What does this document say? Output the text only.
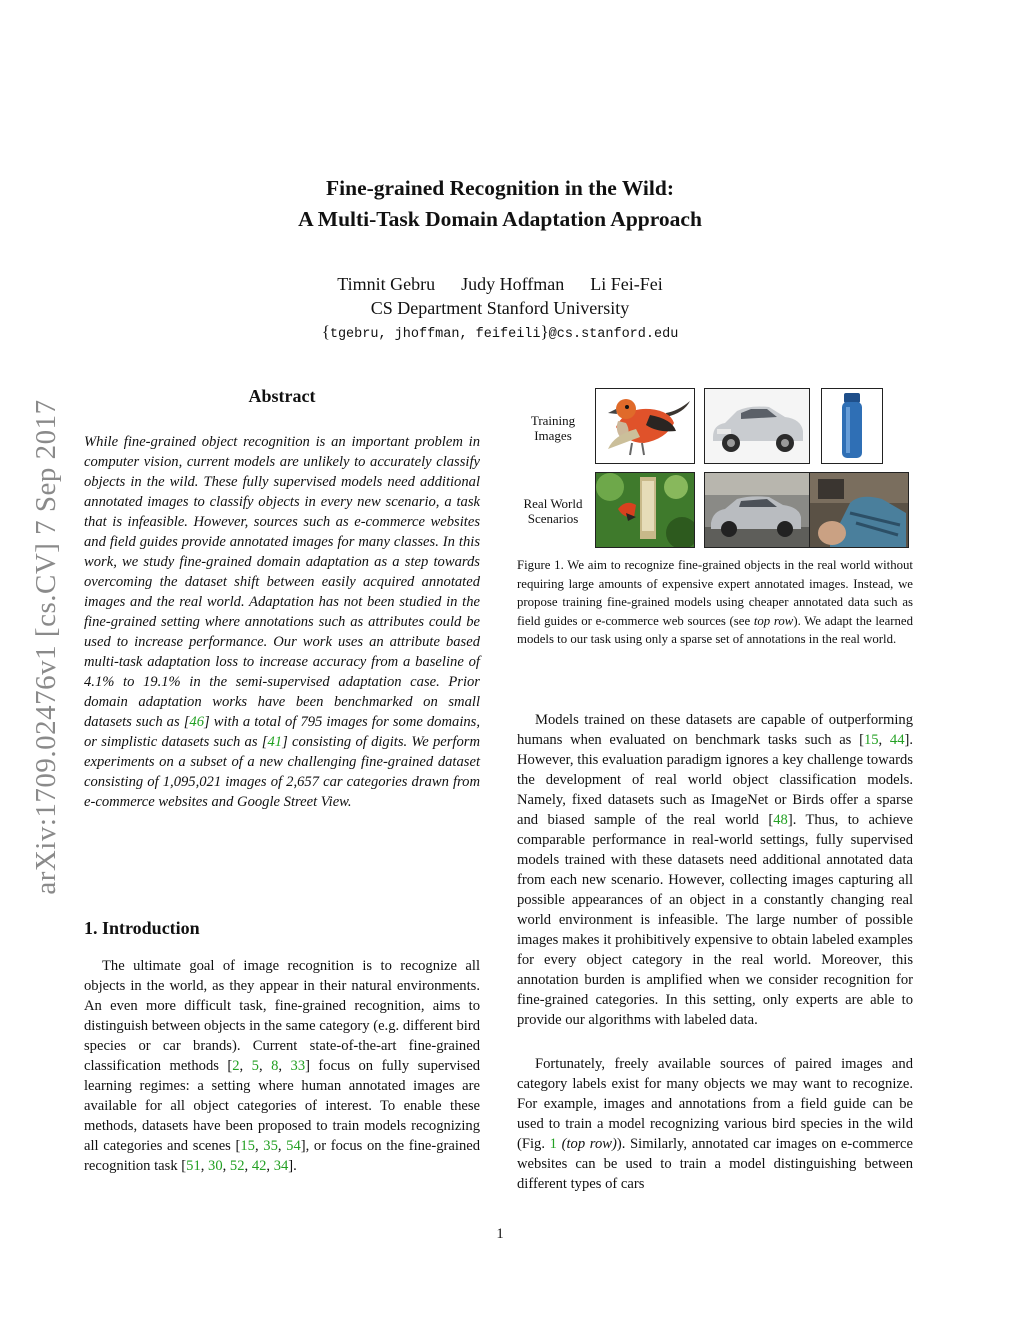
Fine-grained Recognition in the Wild:
A Multi-Task Domain Adaptation Approach
Timnit Gebru Judy Hoffman Li Fei-Fei
CS Department Stanford University
{tgebru, jhoffman, feifeili}@cs.stanford.edu
arXiv:1709.02476v1 [cs.CV] 7 Sep 2017
Abstract
While fine-grained object recognition is an important problem in computer vision, current models are unlikely to accurately classify objects in the wild. These fully supervised models need additional annotated images to classify objects in every new scenario, a task that is infeasible. However, sources such as e-commerce websites and field guides provide annotated images for many classes. In this work, we study fine-grained domain adaptation as a step towards overcoming the dataset shift between easily acquired annotated images and the real world. Adaptation has not been studied in the fine-grained setting where annotations such as attributes could be used to increase performance. Our work uses an attribute based multi-task adaptation loss to increase accuracy from a baseline of 4.1% to 19.1% in the semi-supervised adaptation case. Prior domain adaptation works have been benchmarked on small datasets such as [46] with a total of 795 images for some domains, or simplistic datasets such as [41] consisting of digits. We perform experiments on a subset of a new challenging fine-grained dataset consisting of 1,095,021 images of 2,657 car categories drawn from e-commerce websites and Google Street View.
1. Introduction
The ultimate goal of image recognition is to recognize all objects in the world, as they appear in their natural environments. An even more difficult task, fine-grained recognition, aims to distinguish between objects in the same category (e.g. different bird species or car brands). Current state-of-the-art fine-grained classification methods [2, 5, 8, 33] focus on fully supervised learning regimes: a setting where human annotated images are available for all object categories of interest. To enable these methods, datasets have been proposed to train models recognizing all categories and scenes [15, 35, 54], or focus on the fine-grained recognition task [51, 30, 52, 42, 34].
Training Images
Real World Scenarios
Figure 1. We aim to recognize fine-grained objects in the real world without requiring large amounts of expensive expert annotated images. Instead, we propose training fine-grained models using cheaper annotated data such as field guides or e-commerce web sources (see top row). We adapt the learned models to our task using only a sparse set of annotations in the real world.
Models trained on these datasets are capable of outperforming humans when evaluated on benchmark tasks such as [15, 44]. However, this evaluation paradigm ignores a key challenge towards the development of real world object classification models. Namely, fixed datasets such as ImageNet or Birds offer a sparse and biased sample of the real world [48]. Thus, to achieve comparable performance in real-world settings, fully supervised models trained with these datasets need additional annotated data from each new scenario. However, collecting images capturing all possible appearances of an object in a constantly changing real world environment is infeasible. The large number of possible images makes it prohibitively expensive to obtain labeled examples for every object category in the real world. Moreover, this annotation burden is amplified when we consider recognition for fine-grained categories. In this setting, only experts are able to provide our algorithms with labeled data.
Fortunately, freely available sources of paired images and category labels exist for many objects we may want to recognize. For example, images and annotations from a field guide can be used to train a model recognizing various bird species in the wild (Fig. 1 (top row)). Similarly, annotated car images on e-commerce websites can be used to train a model distinguishing between different types of cars
1
